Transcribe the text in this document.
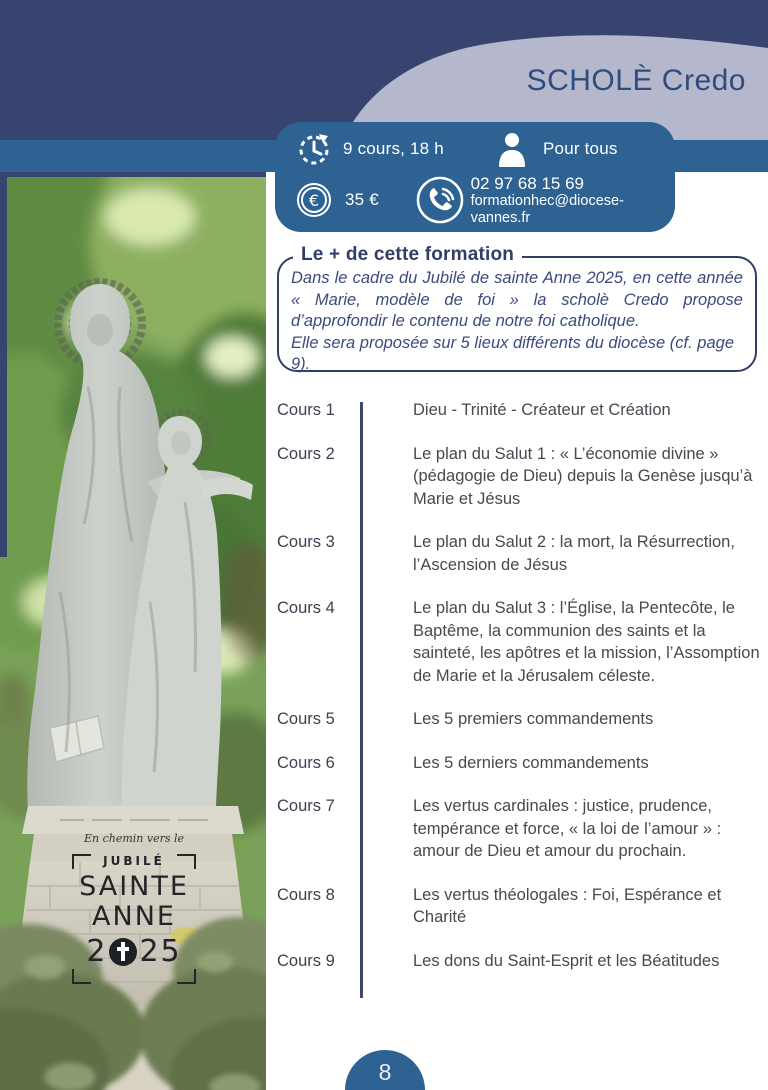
SCHOLÈ Credo
9 cours, 18 h	Pour tous
€ 35 €
02 97 68 15 69
formationhec@diocese-vannes.fr
En chemin vers le
JUBILÉ
SAINTE
ANNE
2 25
Le + de cette formation

Dans le cadre du Jubilé de sainte Anne 2025, en cette année « Marie, modèle de foi » la scholè Credo propose d’approfondir le contenu de notre foi catholique.

Elle sera proposée sur 5 lieux différents du diocèse (cf. page 9).

Cours 1	Dieu - Trinité - Créateur et Création
Cours 2	Le plan du Salut 1 : « L’économie divine » (pédagogie de Dieu) depuis la Genèse jusqu’à Marie et Jésus
Cours 3	Le plan du Salut 2 : la mort, la Résurrection, l’Ascension de Jésus
Cours 4	Le plan du Salut 3 : l’Église, la Pentecôte, le Baptême, la communion des saints et la sainteté, les apôtres et la mission, l’Assomption de Marie et la Jérusalem céleste.
Cours 5	Les 5 premiers commandements
Cours 6	Les 5 derniers commandements
Cours 7	Les vertus cardinales : justice, prudence, tempérance et force, « la loi de l’amour » : amour de Dieu et amour du prochain.
Cours 8	Les vertus théologales : Foi, Espérance et Charité
Cours 9	Les dons du Saint-Esprit et les Béatitudes
8
